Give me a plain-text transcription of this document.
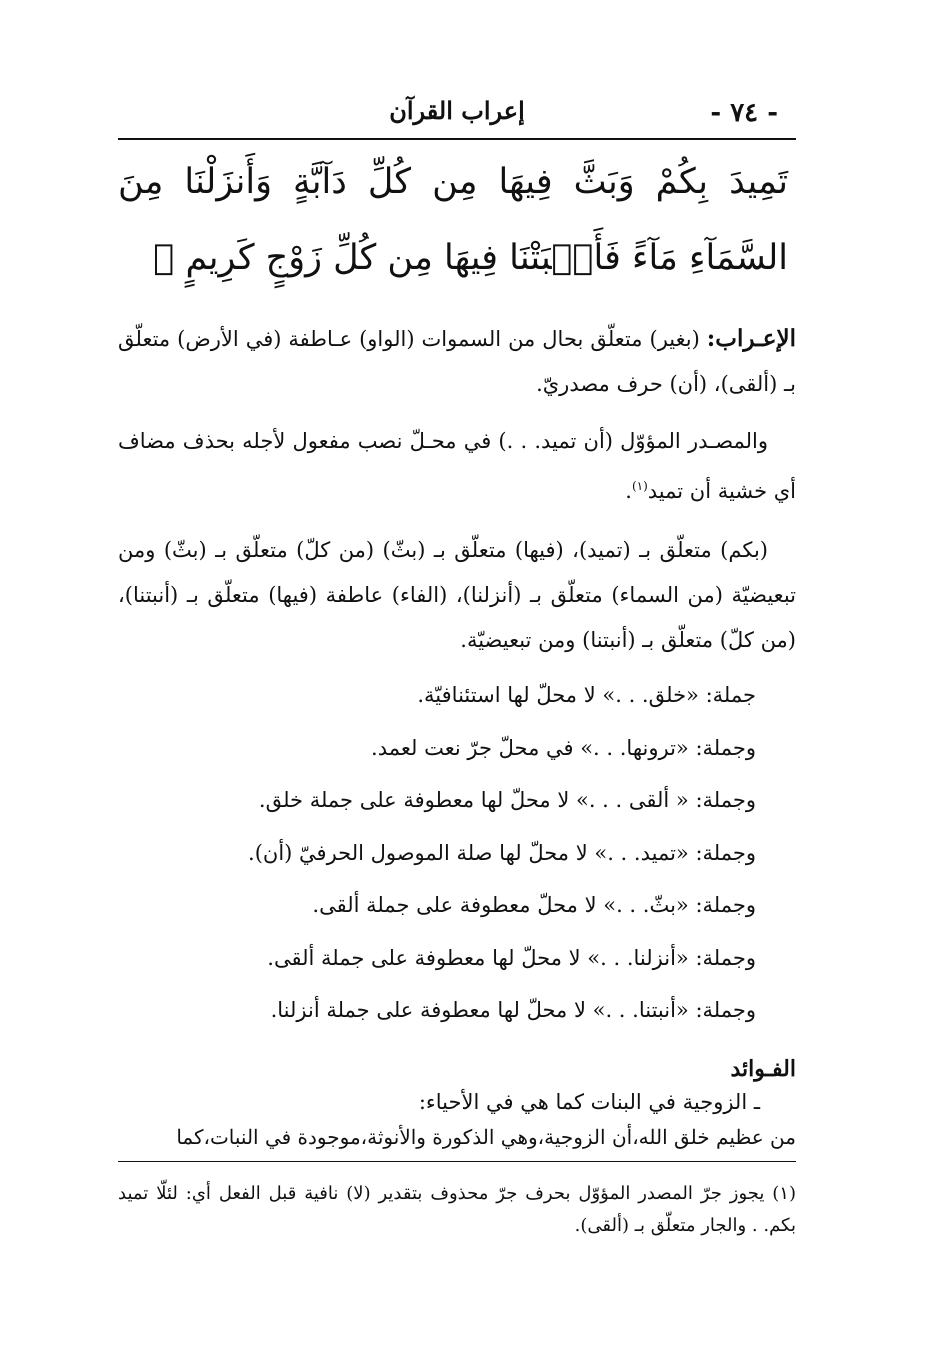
- ٧٤ -
إعراب القرآن
تَمِيدَ بِكُمْ وَبَثَّ فِيهَا مِن كُلِّ دَآبَّةٍ وَأَنزَلْنَا مِنَ السَّمَآءِ مَآءً فَأَنۢبَتْنَا فِيهَا مِن كُلِّ زَوْجٍ كَرِيمٍ ﴾

الإعـراب: (بغير) متعلّق بحال من السموات (الواو) عـاطفة (في الأرض) متعلّق بـ (ألقى)، (أن) حرف مصدريّ.

والمصـدر المؤوّل (أن تميد. . .) في محـلّ نصب مفعول لأجله بحذف مضاف أي خشية أن تميد$^{(١)}$.

(بكم) متعلّق بـ (تميد)، (فيها) متعلّق بـ (بثّ) (من كلّ) متعلّق بـ (بثّ) ومن تبعيضيّة (من السماء) متعلّق بـ (أنزلنا)، (الفاء) عاطفة (فيها) متعلّق بـ (أنبتنا)، (من كلّ) متعلّق بـ (أنبتنا) ومن تبعيضيّة.

جملة: «خلق. . .» لا محلّ لها استئنافيّة.
وجملة: «ترونها. . .» في محلّ جرّ نعت لعمد.
وجملة: « ألقى . . .» لا محلّ لها معطوفة على جملة خلق.
وجملة: «تميد. . .» لا محلّ لها صلة الموصول الحرفيّ (أن).
وجملة: «بثّ. . .» لا محلّ معطوفة على جملة ألقى.
وجملة: «أنزلنا. . .» لا محلّ لها معطوفة على جملة ألقى.
وجملة: «أنبتنا. . .» لا محلّ لها معطوفة على جملة أنزلنا.
الفـوائد
ـ الزوجية في البنات كما هي في الأحياء:
من عظيم خلق الله،أن الزوجية،وهي الذكورة والأنوثة،موجودة في النبات،كما
(١) يجوز جرّ المصدر المؤوّل بحرف جرّ محذوف بتقدير (لا) نافية قبل الفعل أي: لئلّا تميد بكم. . والجار متعلّق بـ (ألقى).
